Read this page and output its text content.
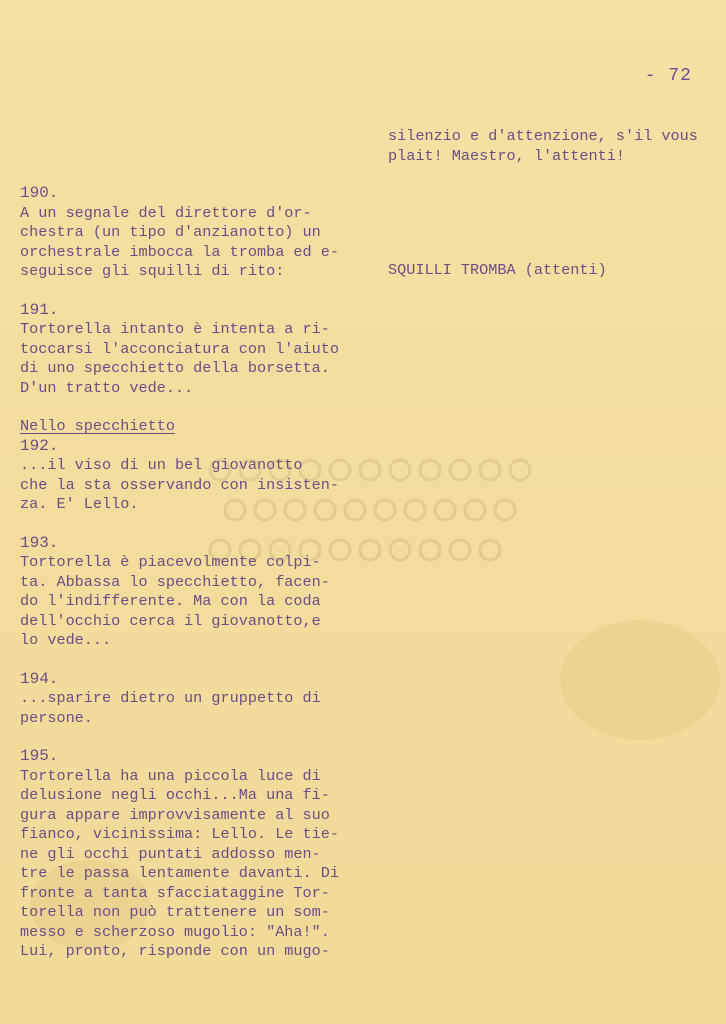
- 72
silenzio e d'attenzione, s'il vous
plait! Maestro, l'attenti!
SQUILLI TROMBA (attenti)
190.
A un segnale del direttore d'or-
chestra (un tipo d'anzianotto) un
orchestrale imbocca la tromba ed e-
seguisce gli squilli di rito:
191.
Tortorella intanto è intenta a ri-
toccarsi l'acconciatura con l'aiuto
di uno specchietto della borsetta.
D'un tratto vede...
Nello specchietto
192.
...il viso di un bel giovanotto
che la sta osservando con insisten-
za. E' Lello.
193.
Tortorella è piacevolmente colpi-
ta. Abbassa lo specchietto, facen-
do l'indifferente. Ma con la coda
dell'occhio cerca il giovanotto,e
lo vede...
194.
...sparire dietro un gruppetto di
persone.
195.
Tortorella ha una piccola luce di
delusione negli occhi...Ma una fi-
gura appare improvvisamente al suo
fianco, vicinissima: Lello. Le tie-
ne gli occhi puntati addosso men-
tre le passa lentamente davanti. Di
fronte a tanta sfacciataggine Tor-
torella non può trattenere un som-
messo e scherzoso mugolio: "Aha!".
Lui, pronto, risponde con un mugo-
